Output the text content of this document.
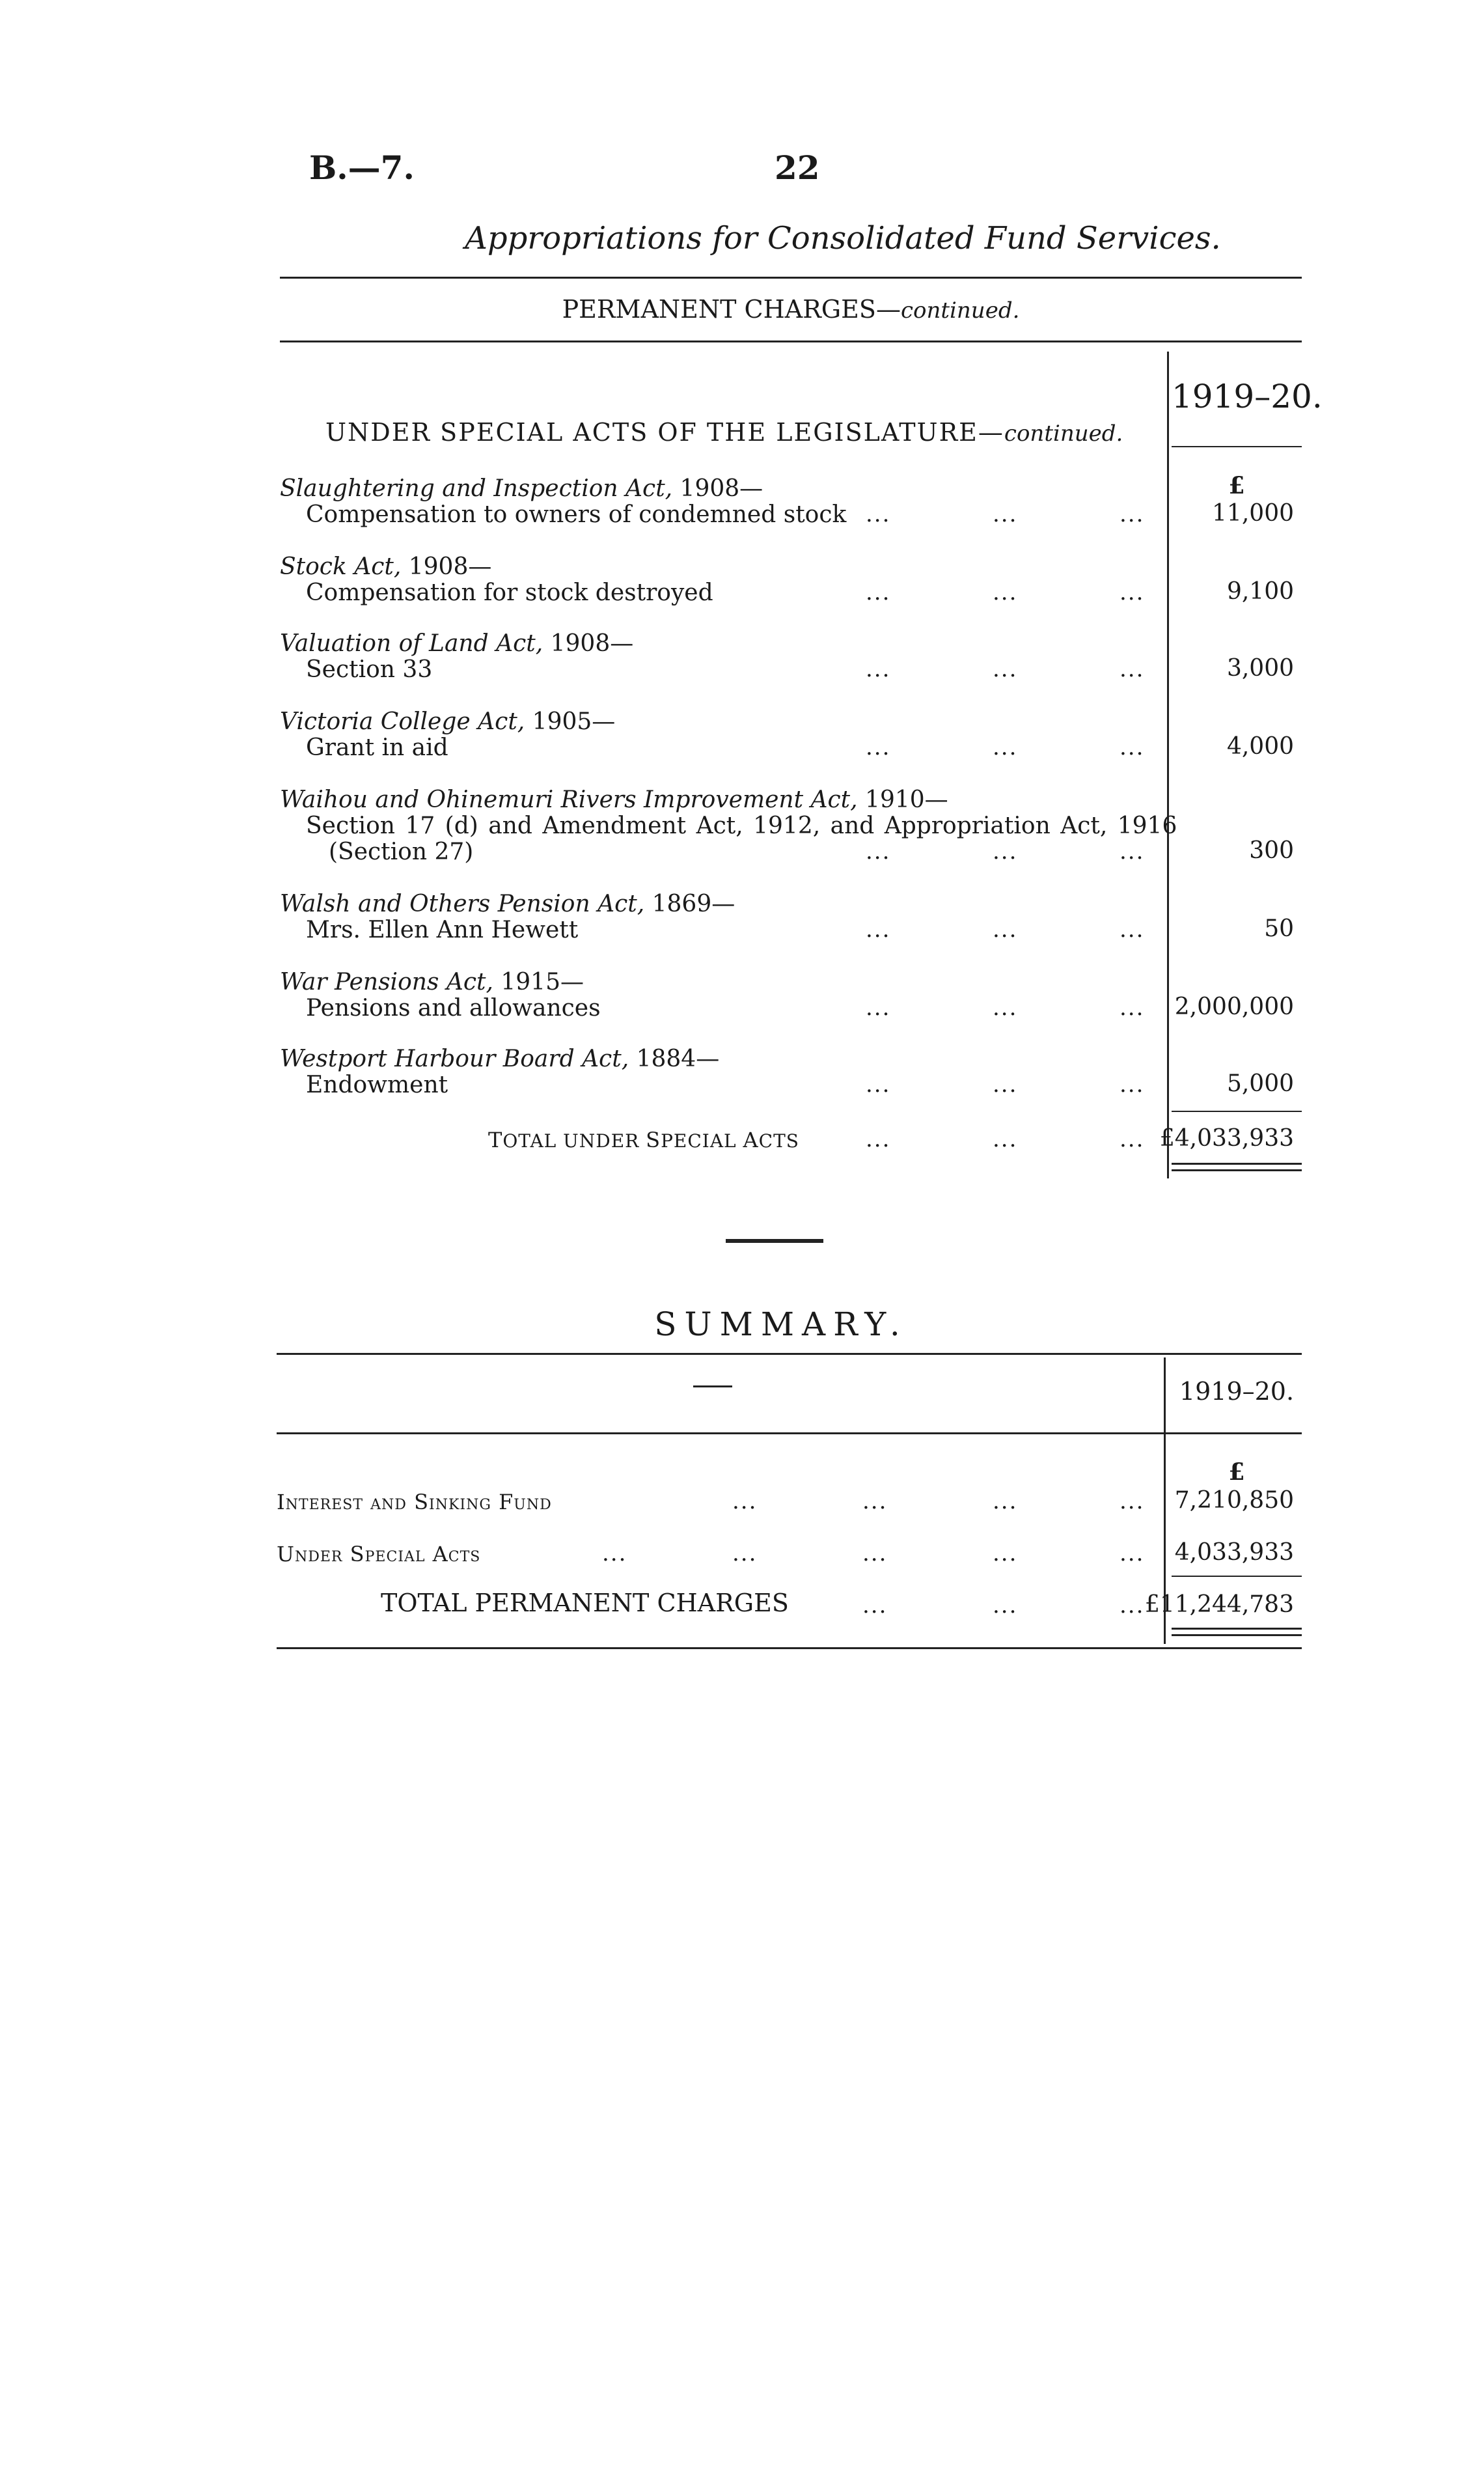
B.—7.	22
Appropriations for Consolidated Fund Services.
PERMANENT CHARGES—continued.
1919–20.
UNDER SPECIAL ACTS OF THE LEGISLATURE—continued.
£
Slaughtering and Inspection Act, 1908—
Compensation to owners of condemned stock ...	...	...	11,000
Stock Act, 1908—
Compensation for stock destroyed	...	...	...	9,100
Valuation of Land Act, 1908—
Section 33	...	...	...	3,000
Victoria College Act, 1905—
Grant in aid	...	...	...	4,000
Waihou and Ohinemuri Rivers Improvement Act, 1910—
Section 17 (d) and Amendment Act, 1912, and Appropriation Act, 1916
(Section 27)	...	...	...	300
Walsh and Others Pension Act, 1869—
Mrs. Ellen Ann Hewett	...	...	...	50
War Pensions Act, 1915—
Pensions and allowances	...	...	... 2,000,000
Westport Harbour Board Act, 1884—
Endowment	...	...	...	5,000
TOTAL UNDER SPECIAL ACTS	...	...	... £4,033,933
SUMMARY.
1919–20.
£
Interest and Sinking Fund	...	...	...	... 7,210,850
Under Special Acts	...	...	...	...	... 4,033,933
TOTAL PERMANENT CHARGES	...	...	... £11,244,783
